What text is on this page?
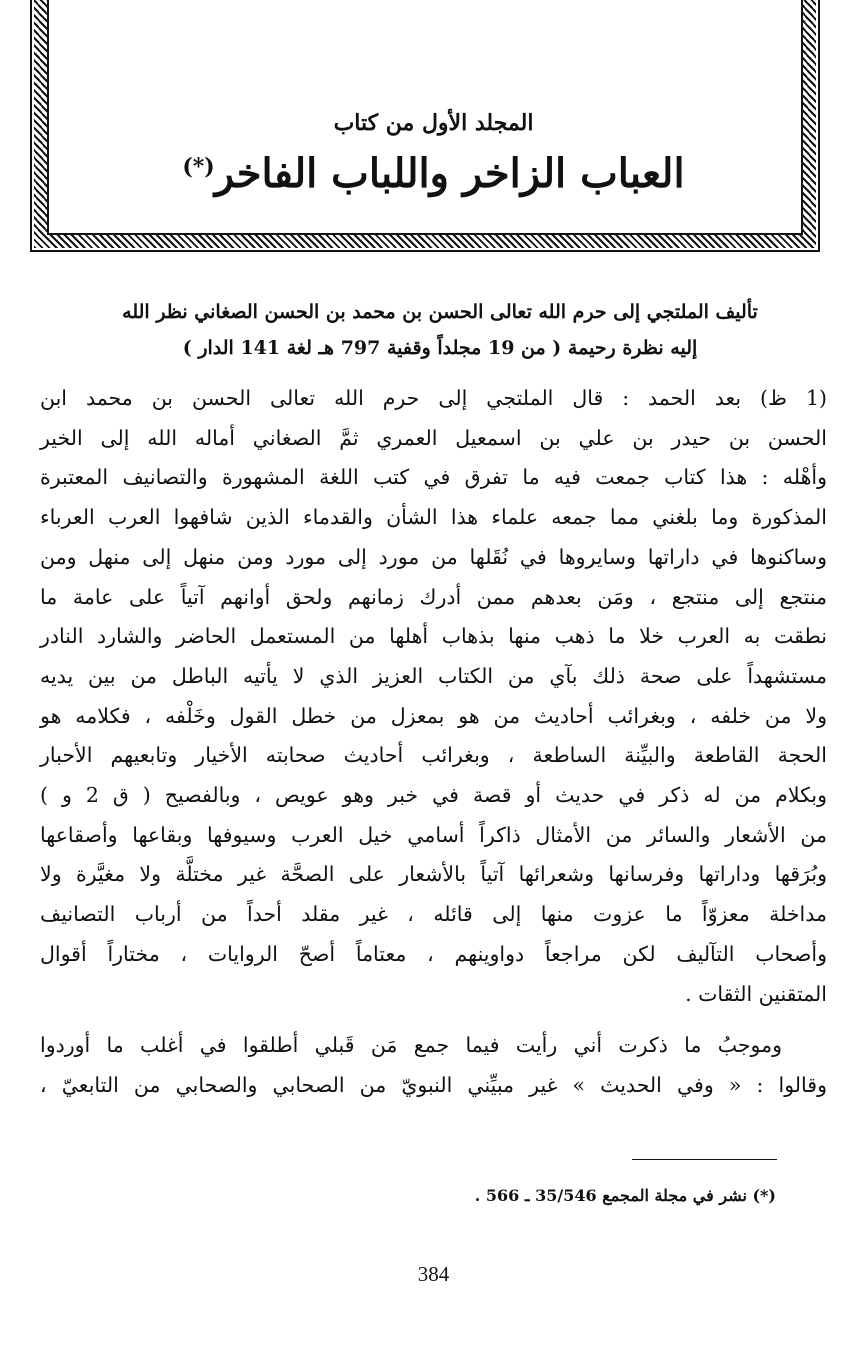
المجلد الأول من كتاب
العباب الزاخر واللباب الفاخر(*)
تأليف الملتجي إلى حرم الله تعالى الحسن بن محمد بن الحسن الصغاني نظر الله
إليه نظرة رحيمة ( من 19 مجلداً وقفية 797 هـ لغة 141 الدار )
(1 ظ) بعد الحمد : قال الملتجي إلى حرم الله تعالى الحسن بن محمد ابن
الحسن بن حيدر بن علي بن اسمعيل العمري ثمَّ الصغاني أماله الله إلى الخير
وأهْله : هذا كتاب جمعت فيه ما تفرق في كتب اللغة المشهورة والتصانيف المعتبرة
المذكورة وما بلغني مما جمعه علماء هذا الشأن والقدماء الذين شافهوا العرب العرباء
وساكنوها في داراتها وسايروها في نُقَلها من مورد إلى مورد ومن منهل إلى منهل ومن
منتجع إلى منتجع ، ومَن بعدهم ممن أدرك زمانهم ولحق أوانهم آتياً على عامة ما
نطقت به العرب خلا ما ذهب منها بذهاب أهلها من المستعمل الحاضر والشارد النادر
مستشهداً على صحة ذلك بآي من الكتاب العزيز الذي لا يأتيه الباطل من بين يديه
ولا من خلفه ، وبغرائب أحاديث من هو بمعزل من خطل القول وخَلْفه ، فكلامه هو
الحجة القاطعة والبيِّنة الساطعة ، وبغرائب أحاديث صحابته الأخيار وتابعيهم الأحبار
وبكلام من له ذكر في حديث أو قصة في خبر وهو عويص ، وبالفصيح ( ق 2 و )
من الأشعار والسائر من الأمثال ذاكراً أسامي خيل العرب وسيوفها وبقاعها وأصقاعها
وبُرَقها وداراتها وفرسانها وشعرائها آتياً بالأشعار على الصحَّة غير مختلَّة ولا مغيَّرة ولا
مداخلة معزوّاً ما عزوت منها إلى قائله ، غير مقلد أحداً من أرباب التصانيف
وأصحاب التآليف لكن مراجعاً دواوينهم ، معتاماً أصحّ الروايات ، مختاراً أقوال
المتقنين الثقات .
وموجبُ ما ذكرت أني رأيت فيما جمع مَن قَبلي أطلقوا في أغلب ما أوردوا
وقالوا : « وفي الحديث » غير مبيِّني النبويّ من الصحابي والصحابي من التابعيّ ،
(*) نشر في مجلة المجمع 35/546 ـ 566 .
384
